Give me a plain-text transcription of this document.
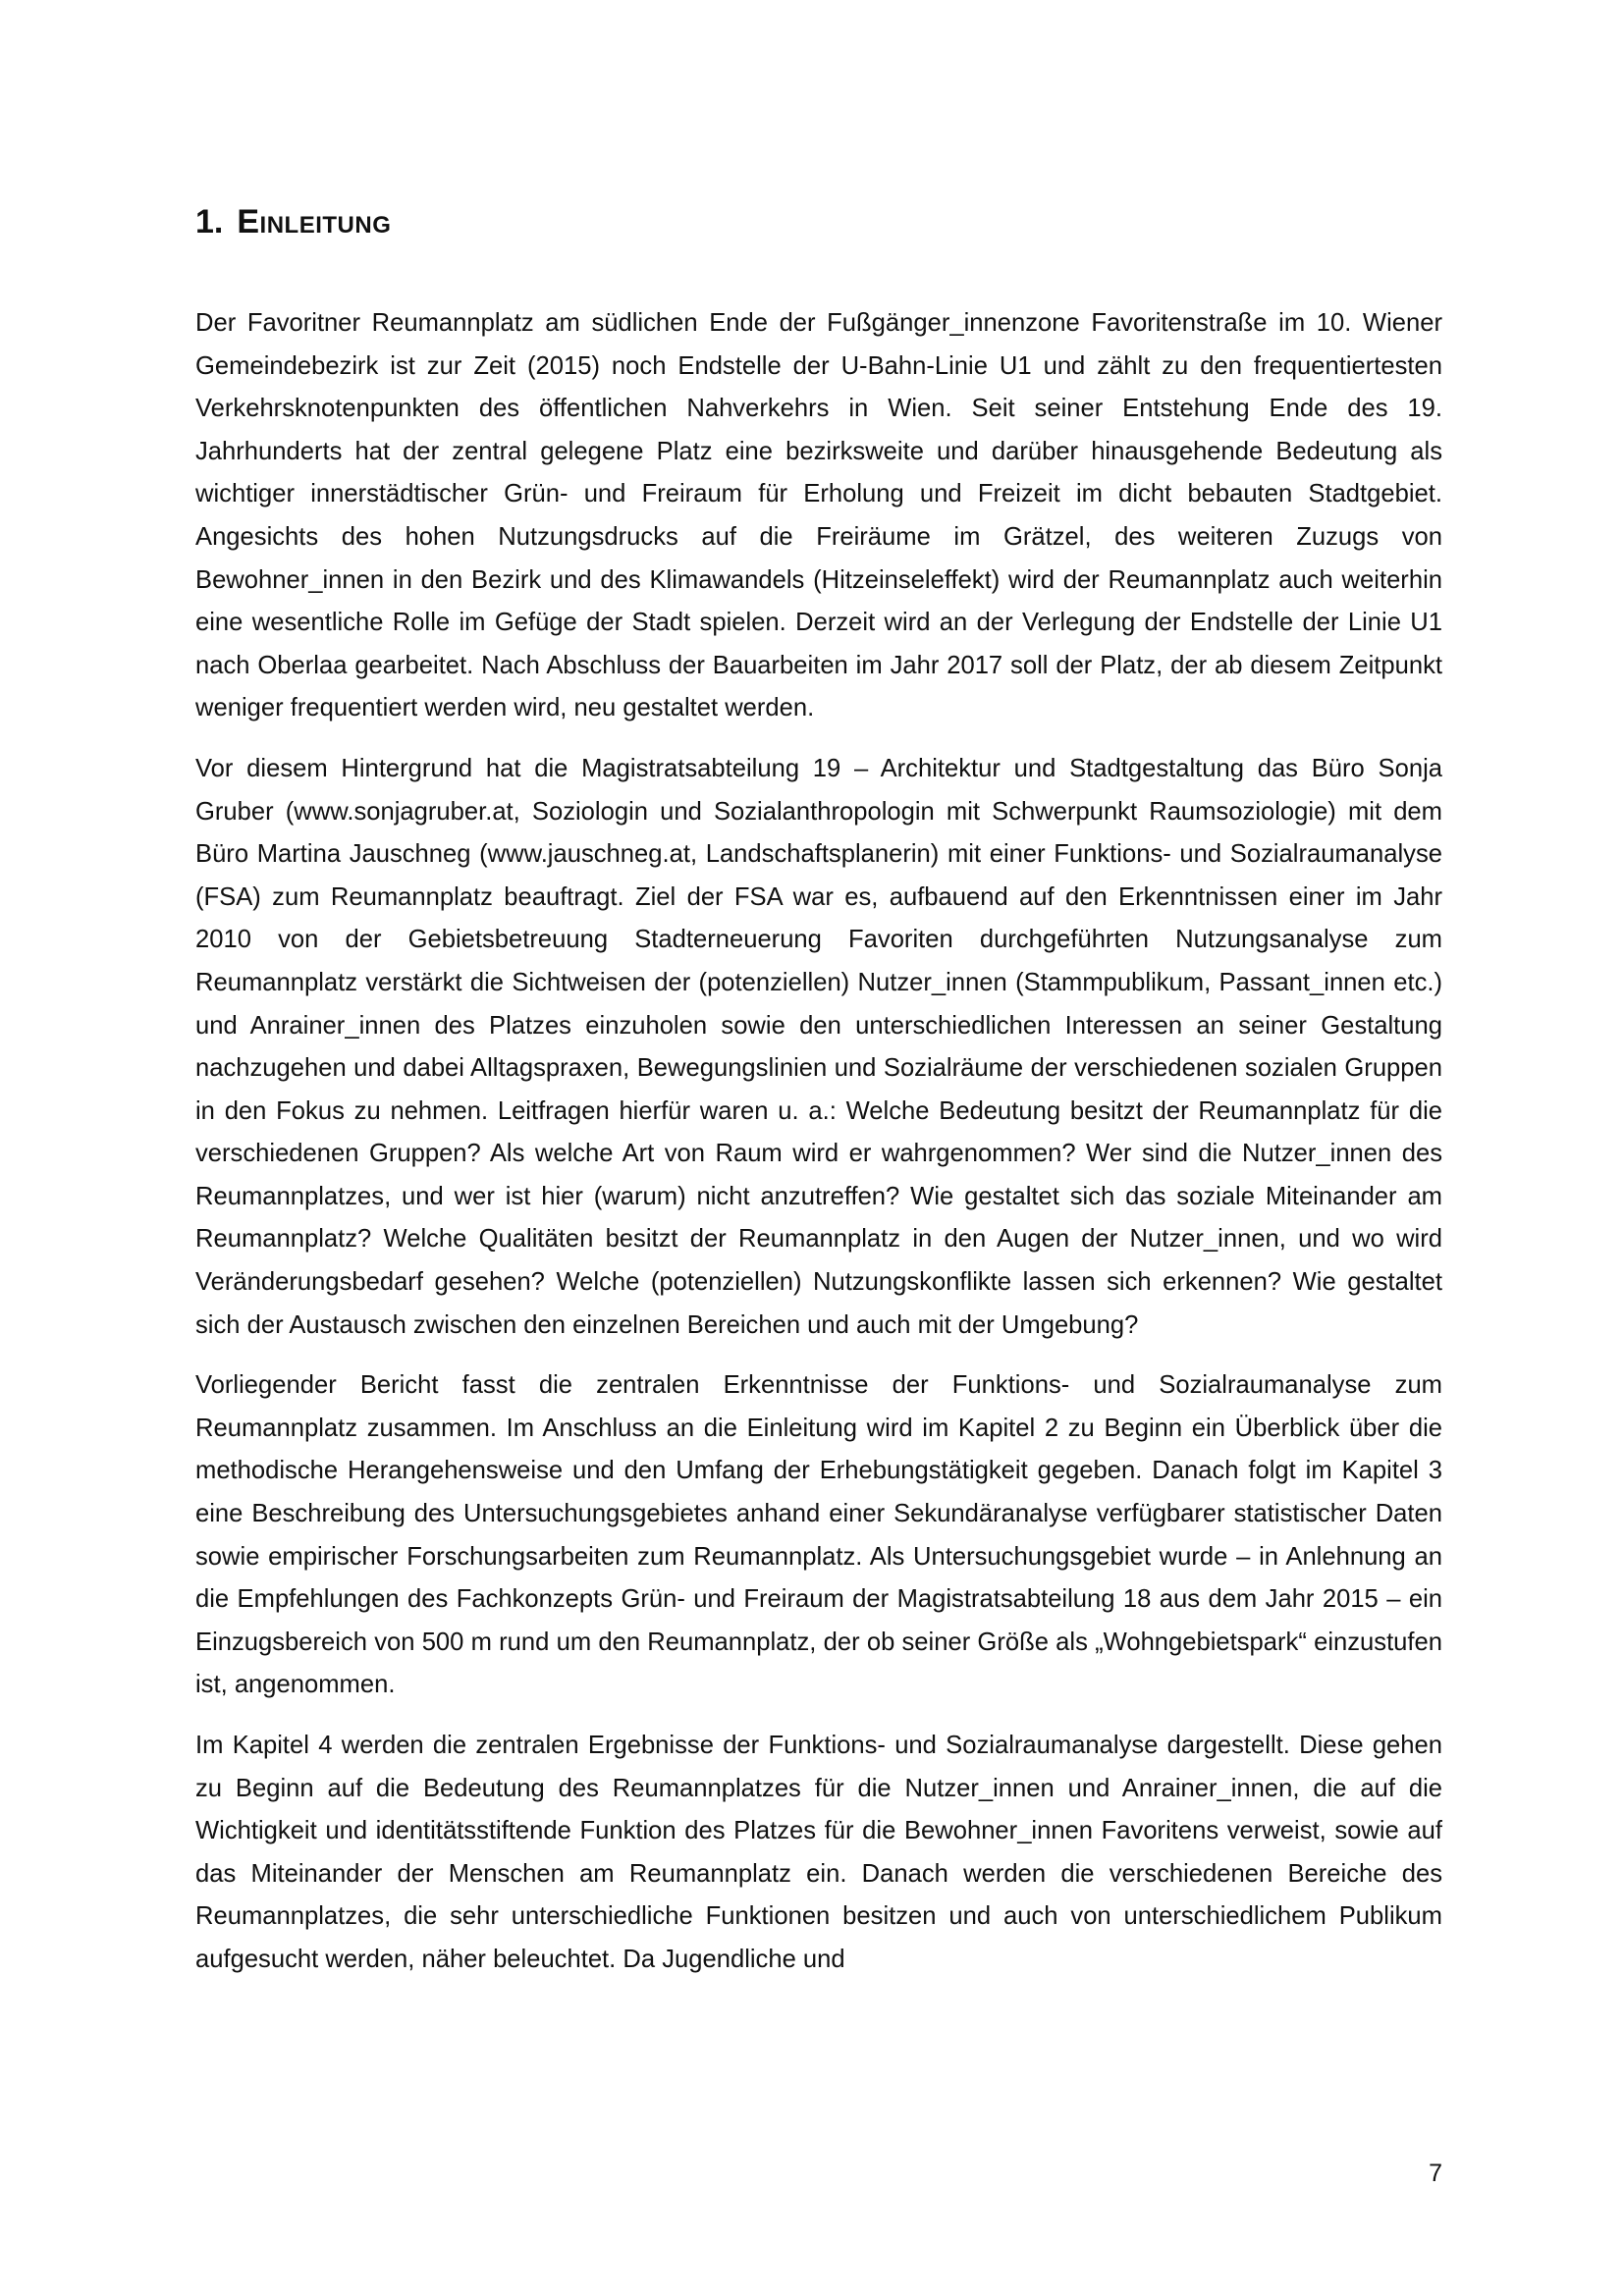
1. Einleitung

Der Favoritner Reumannplatz am südlichen Ende der Fußgänger_innenzone Favoritenstraße im 10. Wiener Gemeindebezirk ist zur Zeit (2015) noch Endstelle der U-Bahn-Linie U1 und zählt zu den frequentiertesten Verkehrsknotenpunkten des öffentlichen Nahverkehrs in Wien. Seit seiner Entstehung Ende des 19. Jahrhunderts hat der zentral gelegene Platz eine bezirksweite und darüber hinausgehende Bedeutung als wichtiger innerstädtischer Grün- und Freiraum für Erholung und Freizeit im dicht bebauten Stadtgebiet. Angesichts des hohen Nutzungsdrucks auf die Freiräume im Grätzel, des weiteren Zuzugs von Bewohner_innen in den Bezirk und des Klimawandels (Hitzeinseleffekt) wird der Reumannplatz auch weiterhin eine wesentliche Rolle im Gefüge der Stadt spielen. Derzeit wird an der Verlegung der Endstelle der Linie U1 nach Oberlaa gearbeitet. Nach Abschluss der Bauarbeiten im Jahr 2017 soll der Platz, der ab diesem Zeitpunkt weniger frequentiert werden wird, neu gestaltet werden.

Vor diesem Hintergrund hat die Magistratsabteilung 19 – Architektur und Stadtgestaltung das Büro Sonja Gruber (www.sonjagruber.at, Soziologin und Sozialanthropologin mit Schwerpunkt Raumsoziologie) mit dem Büro Martina Jauschneg (www.jauschneg.at, Landschaftsplanerin) mit einer Funktions- und Sozialraumanalyse (FSA) zum Reumannplatz beauftragt. Ziel der FSA war es, aufbauend auf den Erkenntnissen einer im Jahr 2010 von der Gebietsbetreuung Stadterneuerung Favoriten durchgeführten Nutzungsanalyse zum Reumannplatz verstärkt die Sichtweisen der (potenziellen) Nutzer_innen (Stammpublikum, Passant_innen etc.) und Anrainer_innen des Platzes einzuholen sowie den unterschiedlichen Interessen an seiner Gestaltung nachzugehen und dabei Alltagspraxen, Bewegungslinien und Sozialräume der verschiedenen sozialen Gruppen in den Fokus zu nehmen. Leitfragen hierfür waren u. a.: Welche Bedeutung besitzt der Reumannplatz für die verschiedenen Gruppen? Als welche Art von Raum wird er wahrgenommen? Wer sind die Nutzer_innen des Reumannplatzes, und wer ist hier (warum) nicht anzutreffen? Wie gestaltet sich das soziale Miteinander am Reumannplatz? Welche Qualitäten besitzt der Reumannplatz in den Augen der Nutzer_innen, und wo wird Veränderungsbedarf gesehen? Welche (potenziellen) Nutzungskonflikte lassen sich erkennen? Wie gestaltet sich der Austausch zwischen den einzelnen Bereichen und auch mit der Umgebung?

Vorliegender Bericht fasst die zentralen Erkenntnisse der Funktions- und Sozialraumanalyse zum Reumannplatz zusammen. Im Anschluss an die Einleitung wird im Kapitel 2 zu Beginn ein Überblick über die methodische Herangehensweise und den Umfang der Erhebungstätigkeit gegeben. Danach folgt im Kapitel 3 eine Beschreibung des Untersuchungsgebietes anhand einer Sekundäranalyse verfügbarer statistischer Daten sowie empirischer Forschungsarbeiten zum Reumannplatz. Als Untersuchungsgebiet wurde – in Anlehnung an die Empfehlungen des Fachkonzepts Grün- und Freiraum der Magistratsabteilung 18 aus dem Jahr 2015 – ein Einzugsbereich von 500 m rund um den Reumannplatz, der ob seiner Größe als „Wohngebietspark“ einzustufen ist, angenommen.

Im Kapitel 4 werden die zentralen Ergebnisse der Funktions- und Sozialraumanalyse dargestellt. Diese gehen zu Beginn auf die Bedeutung des Reumannplatzes für die Nutzer_innen und Anrainer_innen, die auf die Wichtigkeit und identitätsstiftende Funktion des Platzes für die Bewohner_innen Favoritens verweist, sowie auf das Miteinander der Menschen am Reumannplatz ein. Danach werden die verschiedenen Bereiche des Reumannplatzes, die sehr unterschiedliche Funktionen besitzen und auch von unterschiedlichem Publikum aufgesucht werden, näher beleuchtet. Da Jugendliche und

7
